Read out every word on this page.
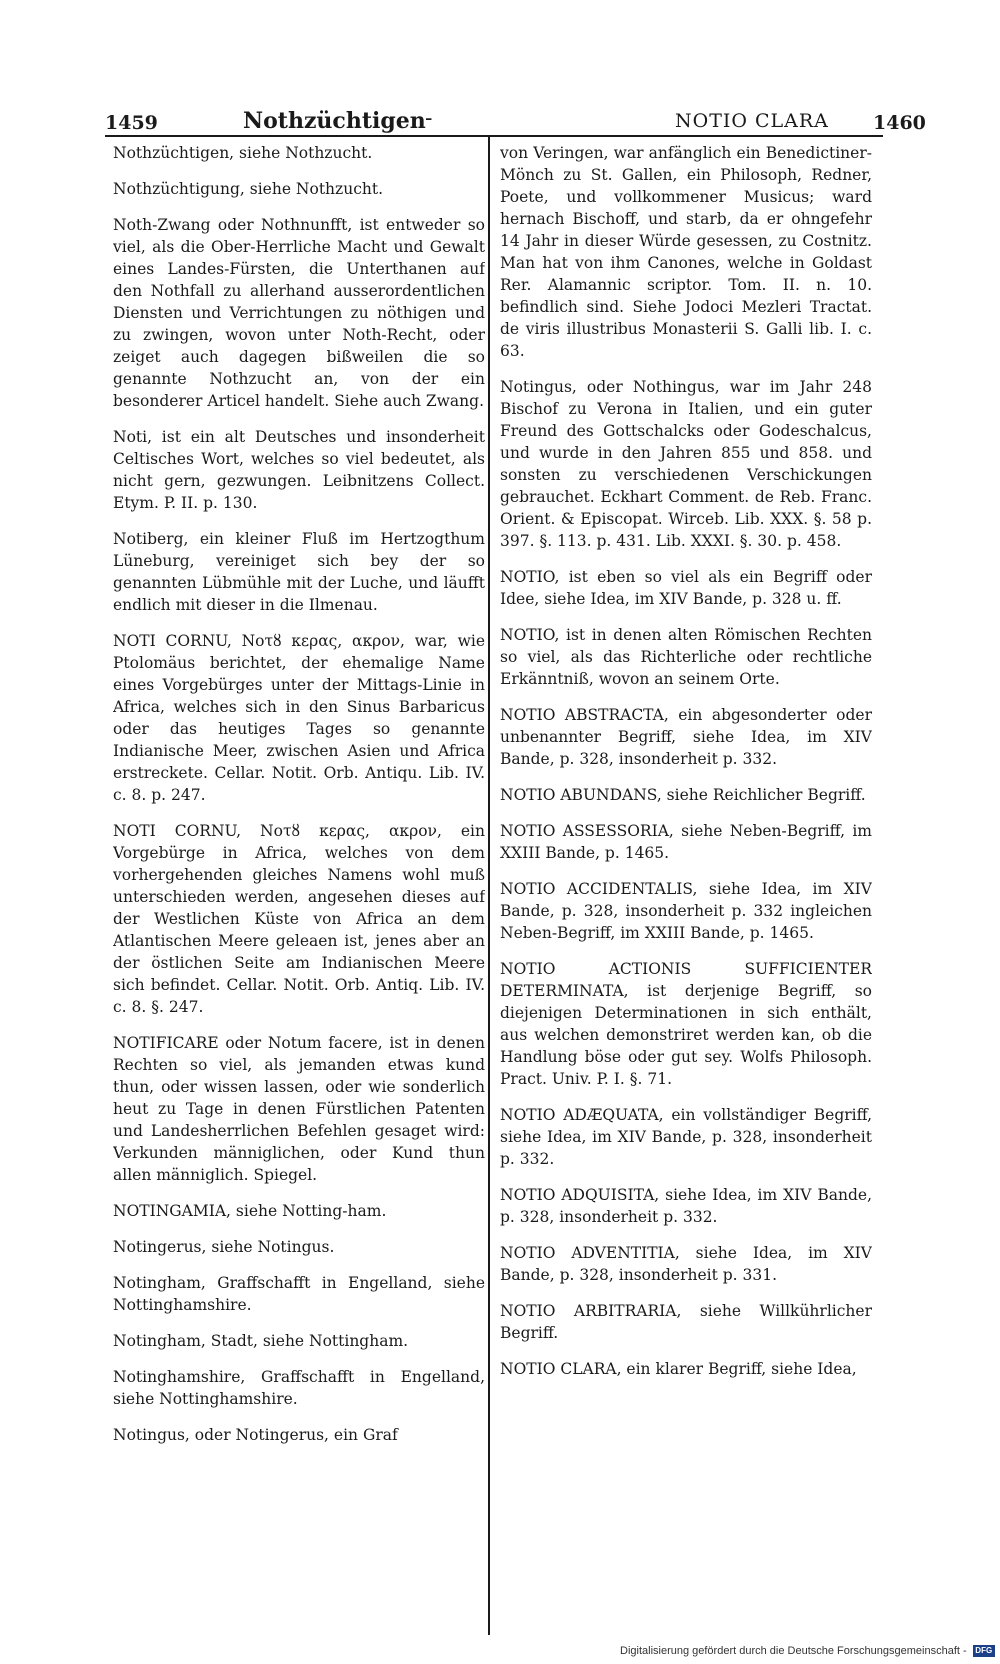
1459	Nothzüchtigen -	NOTIO CLARA 1460

Nothzüchtigen, siehe Nothzucht.

Nothzüchtigung, siehe Nothzucht.

Noth-Zwang oder Nothnunfft, ist entweder so viel, als die Ober-Herrliche Macht und Gewalt eines Landes-Fürsten, die Unterthanen auf den Nothfall zu allerhand ausserordentlichen Diensten und Verrichtungen zu nöthigen und zu zwingen, wovon unter Noth-Recht, oder zeiget auch dagegen bißweilen die so genannte Nothzucht an, von der ein besonderer Articel handelt. Siehe auch Zwang.

Noti, ist ein alt Deutsches und insonderheit Celtisches Wort, welches so viel bedeutet, als nicht gern, gezwungen. Leibnitzens Collect. Etym. P. II. p. 130.

Notiberg, ein kleiner Fluß im Hertzogthum Lüneburg, vereiniget sich bey der so genannten Lübmühle mit der Luche, und läufft endlich mit dieser in die Ilmenau.

NOTI CORNU, Νοτȣ κερας, ακρον, war, wie Ptolomäus berichtet, der ehemalige Name eines Vorgebürges unter der Mittags-Linie in Africa, welches sich in den Sinus Barbaricus oder das heutiges Tages so genannte Indianische Meer, zwischen Asien und Africa erstreckete. Cellar. Notit. Orb. Antiqu. Lib. IV. c. 8. p. 247.

NOTI CORNU, Νοτȣ κερας, ακρον, ein Vorgebürge in Africa, welches von dem vorhergehenden gleiches Namens wohl muß unterschieden werden, angesehen dieses auf der Westlichen Küste von Africa an dem Atlantischen Meere geleaen ist, jenes aber an der östlichen Seite am Indianischen Meere sich befindet. Cellar. Notit. Orb. Antiq. Lib. IV. c. 8. §. 247.

NOTIFICARE oder Notum facere, ist in denen Rechten so viel, als jemanden etwas kund thun, oder wissen lassen, oder wie sonderlich heut zu Tage in denen Fürstlichen Patenten und Landesherrlichen Befehlen gesaget wird: Verkunden männiglichen, oder Kund thun allen männiglich. Spiegel.

NOTINGAMIA, siehe Notting-ham.

Notingerus, siehe Notingus.

Notingham, Graffschafft in Engelland, siehe Nottinghamshire.

Notingham, Stadt, siehe Nottingham.

Notinghamshire, Graffschafft in Engelland, siehe Nottinghamshire.

Notingus, oder Notingerus, ein Graf

von Veringen, war anfänglich ein Benedictiner-Mönch zu St. Gallen, ein Philosoph, Redner, Poete, und vollkommener Musicus; ward hernach Bischoff, und starb, da er ohngefehr 14 Jahr in dieser Würde gesessen, zu Costnitz. Man hat von ihm Canones, welche in Goldast Rer. Alamannic scriptor. Tom. II. n. 10. befindlich sind. Siehe Jodoci Mezleri Tractat. de viris illustribus Monasterii S. Galli lib. I. c. 63.

Notingus, oder Nothingus, war im Jahr 248 Bischof zu Verona in Italien, und ein guter Freund des Gottschalcks oder Godeschalcus, und wurde in den Jahren 855 und 858. und sonsten zu verschiedenen Verschickungen gebrauchet. Eckhart Comment. de Reb. Franc. Orient. & Episcopat. Wirceb. Lib. XXX. §. 58 p. 397. §. 113. p. 431. Lib. XXXI. §. 30. p. 458.

NOTIO, ist eben so viel als ein Begriff oder Idee, siehe Idea, im XIV Bande, p. 328 u. ff.

NOTIO, ist in denen alten Römischen Rechten so viel, als das Richterliche oder rechtliche Erkänntniß, wovon an seinem Orte.

NOTIO ABSTRACTA, ein abgesonderter oder unbenannter Begriff, siehe Idea, im XIV Bande, p. 328, insonderheit p. 332.

NOTIO ABUNDANS, siehe Reichlicher Begriff.

NOTIO ASSESSORIA, siehe Neben-Begriff, im XXIII Bande, p. 1465.

NOTIO ACCIDENTALIS, siehe Idea, im XIV Bande, p. 328, insonderheit p. 332 ingleichen Neben-Begriff, im XXIII Bande, p. 1465.

NOTIO ACTIONIS SUFFICIENTER DETERMINATA, ist derjenige Begriff, so diejenigen Determinationen in sich enthält, aus welchen demonstriret werden kan, ob die Handlung böse oder gut sey. Wolfs Philosoph. Pract. Univ. P. I. §. 71.

NOTIO ADÆQUATA, ein vollständiger Begriff, siehe Idea, im XIV Bande, p. 328, insonderheit p. 332.

NOTIO ADQUISITA, siehe Idea, im XIV Bande, p. 328, insonderheit p. 332.

NOTIO ADVENTITIA, siehe Idea, im XIV Bande, p. 328, insonderheit p. 331.

NOTIO ARBITRARIA, siehe Willkührlicher Begriff.

NOTIO CLARA, ein klarer Begriff, siehe Idea,

Digitalisierung gefördert durch die Deutsche Forschungsgemeinschaft - DFG
